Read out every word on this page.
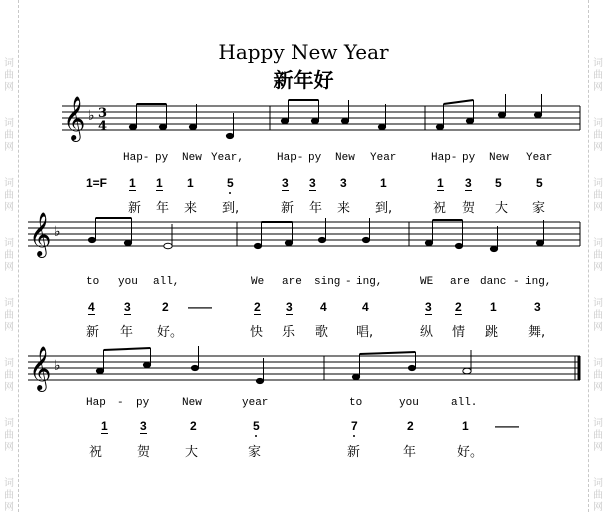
词
曲
网
词
曲
网
词
曲
网
词
曲
网
词
曲
网
词
曲
网
词
曲
网
词
曲
网
词
曲
网
词
曲
网
词
曲
网
词
曲
网
词
曲
网
词
曲
网
词
曲
网
词
曲
网
Happy New Year
新年好
𝄞
𝄞
𝄞
♭
♭
♭
3
4
Hap- py New Year,	Hap- py New Year	Hap- py New Year
1=F 1 1 1	5	3 3 3	1	1 3 5	5
新 年 来 到,	新 年 来 到,	祝 贺 大 家
to you all,	We are sing - ing,	WE are danc - ing,
4 3	2 ——	2 3 4	4	3 2 1	3
新 年 好。	快 乐 歌 唱,	纵 情 跳 舞,
Hap - py	New	year	to	you	all.
1	3	2	5	7	2	1 ——
祝	贺	大	家	新	年	好。
